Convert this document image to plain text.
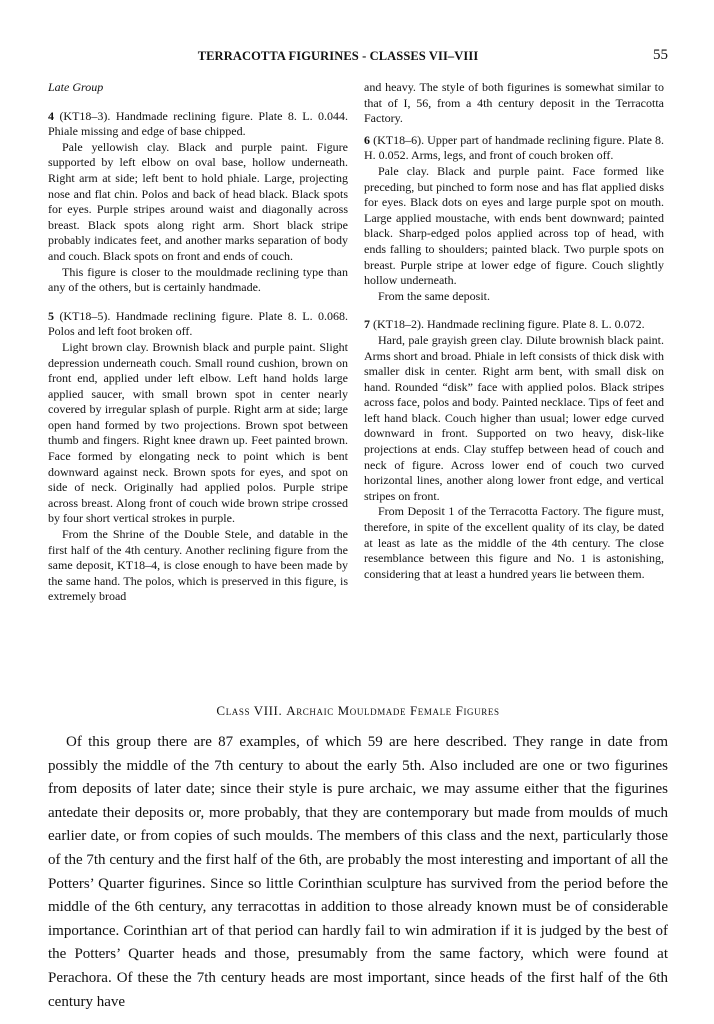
TERRACOTTA FIGURINES - CLASSES VII–VIII	55
Late Group

4 (KT18–3). Handmade reclining figure. Plate 8. L. 0.044. Phiale missing and edge of base chipped.

Pale yellowish clay. Black and purple paint. Figure supported by left elbow on oval base, hollow underneath. Right arm at side; left bent to hold phiale. Large, projecting nose and flat chin. Polos and back of head black. Black spots for eyes. Purple stripes around waist and diagonally across breast. Black spots along right arm. Short black stripe probably indicates feet, and another marks separation of body and couch. Black spots on front and ends of couch.

This figure is closer to the mouldmade reclining type than any of the others, but is certainly handmade.

5 (KT18–5). Handmade reclining figure. Plate 8. L. 0.068. Polos and left foot broken off.

Light brown clay. Brownish black and purple paint. Slight depression underneath couch. Small round cushion, brown on front end, applied under left elbow. Left hand holds large applied saucer, with small brown spot in center nearly covered by irregular splash of purple. Right arm at side; large open hand formed by two projections. Brown spot between thumb and fingers. Right knee drawn up. Feet painted brown. Face formed by elongating neck to point which is bent downward against neck. Brown spots for eyes, and spot on side of neck. Originally had applied polos. Purple stripe across breast. Along front of couch wide brown stripe crossed by four short vertical strokes in purple.

From the Shrine of the Double Stele, and datable in the first half of the 4th century. Another reclining figure from the same deposit, KT18–4, is close enough to have been made by the same hand. The polos, which is preserved in this figure, is extremely broad

and heavy. The style of both figurines is somewhat similar to that of I, 56, from a 4th century deposit in the Terracotta Factory.

6 (KT18–6). Upper part of handmade reclining figure. Plate 8. H. 0.052. Arms, legs, and front of couch broken off.

Pale clay. Black and purple paint. Face formed like preceding, but pinched to form nose and has flat applied disks for eyes. Black dots on eyes and large purple spot on mouth. Large applied moustache, with ends bent downward; painted black. Sharp-edged polos applied across top of head, with ends falling to shoulders; painted black. Two purple spots on breast. Purple stripe at lower edge of figure. Couch slightly hollow underneath.

From the same deposit.

7 (KT18–2). Handmade reclining figure. Plate 8. L. 0.072.

Hard, pale grayish green clay. Dilute brownish black paint. Arms short and broad. Phiale in left consists of thick disk with smaller disk in center. Right arm bent, with small disk on hand. Rounded “disk” face with applied polos. Black stripes across face, polos and body. Painted necklace. Tips of feet and left hand black. Couch higher than usual; lower edge curved downward in front. Supported on two heavy, disk-like projections at ends. Clay stuffep between head of couch and neck of figure. Across lower end of couch two curved horizontal lines, another along lower front edge, and vertical stripes on front.

From Deposit 1 of the Terracotta Factory. The figure must, therefore, in spite of the excellent quality of its clay, be dated at least as late as the middle of the 4th century. The close resemblance between this figure and No. 1 is astonishing, considering that at least a hundred years lie between them.

Class VIII. Archaic Mouldmade Female Figures

Of this group there are 87 examples, of which 59 are here described. They range in date from possibly the middle of the 7th century to about the early 5th. Also included are one or two figurines from deposits of later date; since their style is pure archaic, we may assume either that the figurines antedate their deposits or, more probably, that they are contemporary but made from moulds of much earlier date, or from copies of such moulds. The members of this class and the next, particularly those of the 7th century and the first half of the 6th, are probably the most interesting and important of all the Potters’ Quarter figurines. Since so little Corinthian sculpture has survived from the period before the middle of the 6th century, any terracottas in addition to those already known must be of considerable importance. Corinthian art of that period can hardly fail to win admiration if it is judged by the best of the Potters’ Quarter heads and those, presumably from the same factory, which were found at Perachora. Of these the 7th century heads are most important, since heads of the first half of the 6th century have
